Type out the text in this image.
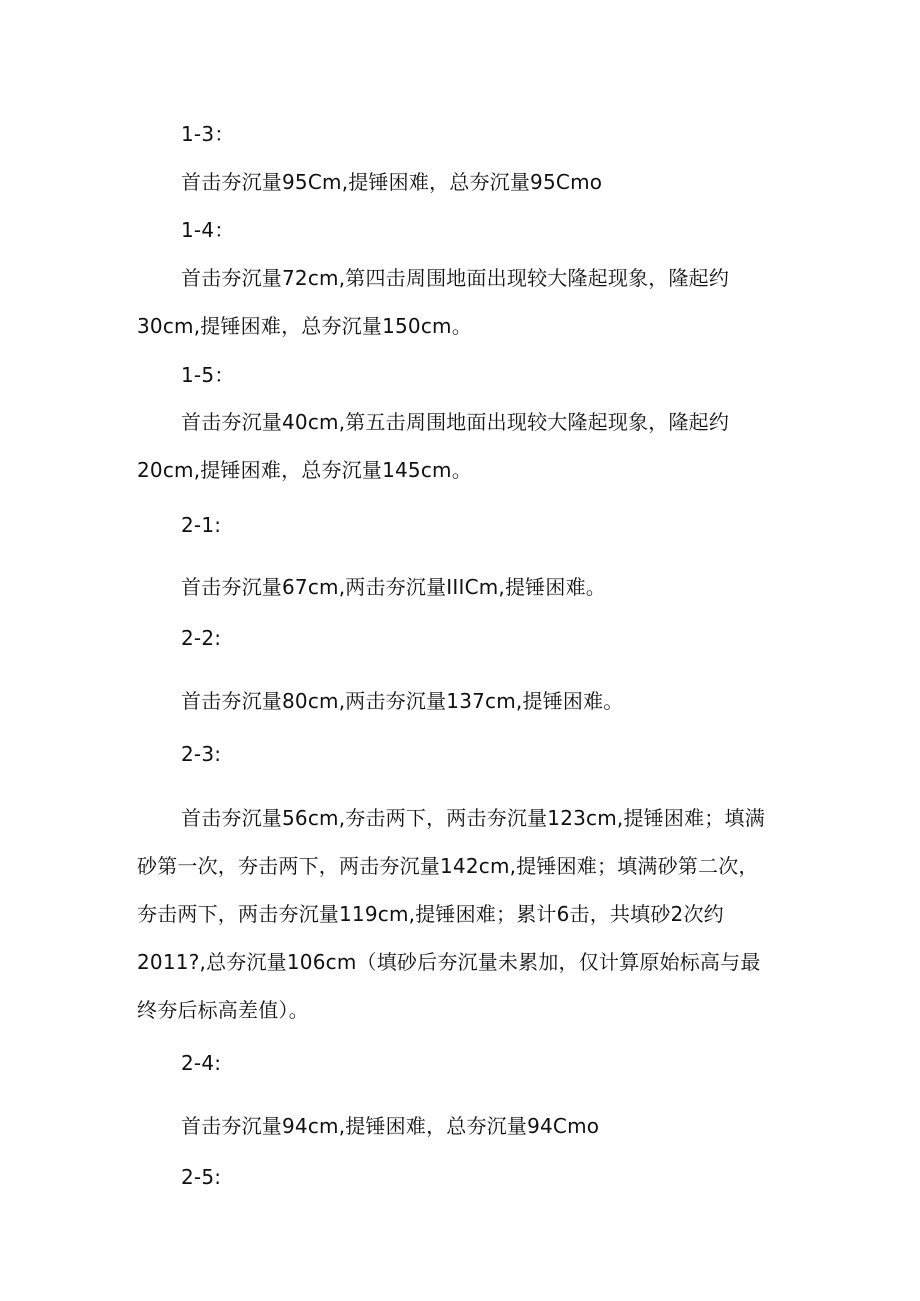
1-3：
首击夯沉量95Cm,提锤困难，总夯沉量95Cmo
1-4：
首击夯沉量72cm,第四击周围地面出现较大隆起现象，隆起约
30cm,提锤困难，总夯沉量150cm。
1-5：
首击夯沉量40cm,第五击周围地面出现较大隆起现象，隆起约
20cm,提锤困难，总夯沉量145cm。
2-1:
首击夯沉量67cm,两击夯沉量IIICm,提锤困难。
2-2:
首击夯沉量80cm,两击夯沉量137cm,提锤困难。
2-3:
首击夯沉量56cm,夯击两下，两击夯沉量123cm,提锤困难；填满
砂第一次，夯击两下，两击夯沉量142cm,提锤困难；填满砂第二次，
夯击两下，两击夯沉量119cm,提锤困难；累计6击，共填砂2次约
2011?,总夯沉量106cm（填砂后夯沉量未累加，仅计算原始标高与最
终夯后标高差值）。
2-4:
首击夯沉量94cm,提锤困难，总夯沉量94Cmo
2-5:
